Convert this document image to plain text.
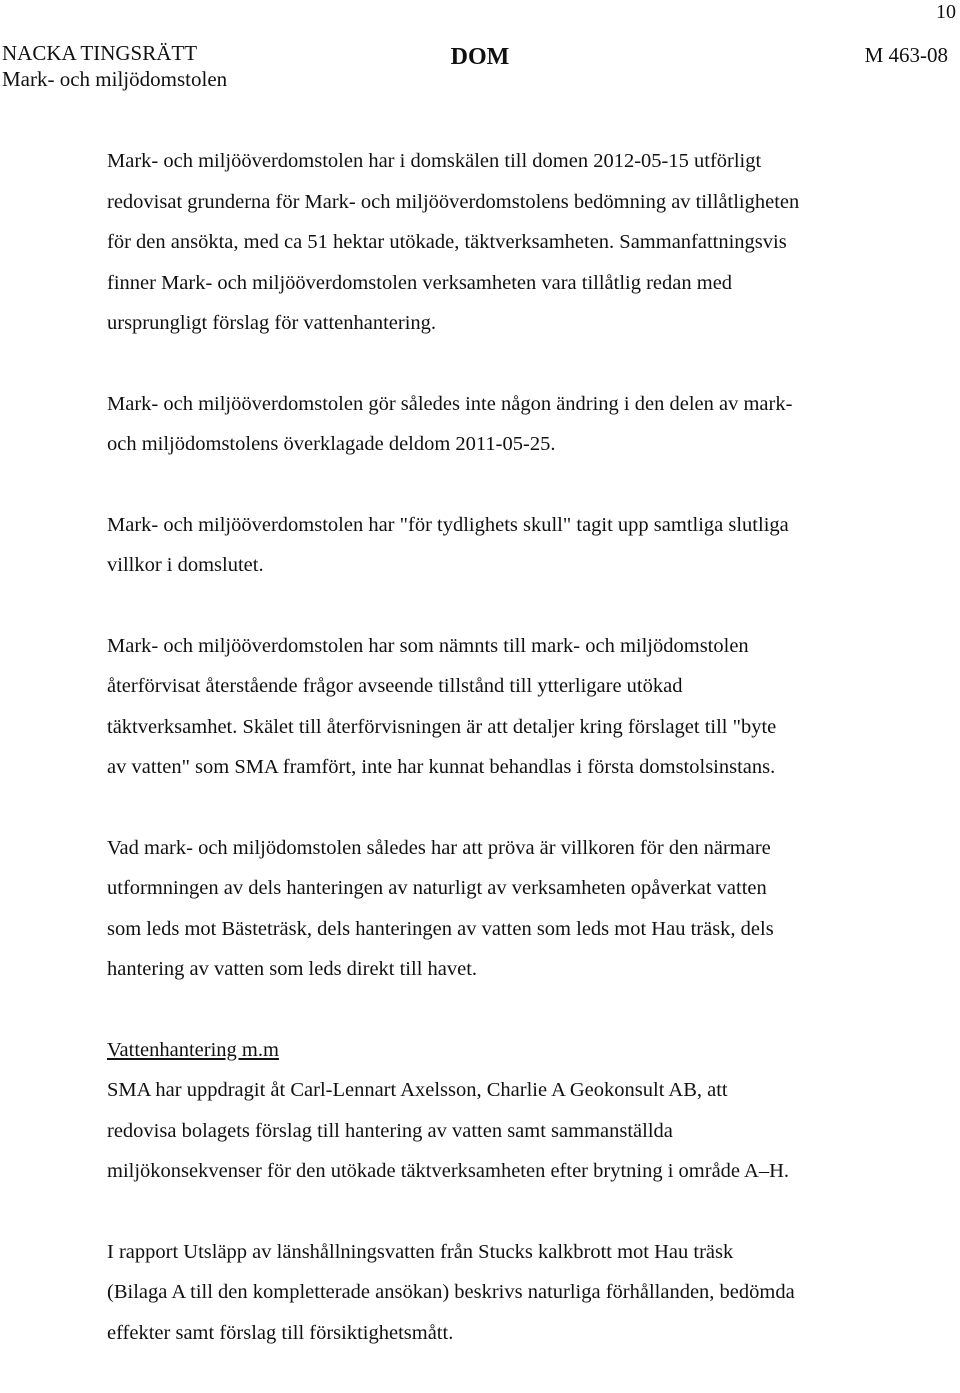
10
NACKA TINGSRÄTT
Mark- och miljödomstolen
DOM	M 463-08

Mark- och miljööverdomstolen har i domskälen till domen 2012-05-15 utförligt
redovisat grunderna för Mark- och miljööverdomstolens bedömning av tillåtligheten
för den ansökta, med ca 51 hektar utökade, täktverksamheten. Sammanfattningsvis
finner Mark- och miljööverdomstolen verksamheten vara tillåtlig redan med
ursprungligt förslag för vattenhantering.

Mark- och miljööverdomstolen gör således inte någon ändring i den delen av mark-
och miljödomstolens överklagade deldom 2011-05-25.

Mark- och miljööverdomstolen har "för tydlighets skull" tagit upp samtliga slutliga
villkor i domslutet.

Mark- och miljööverdomstolen har som nämnts till mark- och miljödomstolen
återförvisat återstående frågor avseende tillstånd till ytterligare utökad
täktverksamhet. Skälet till återförvisningen är att detaljer kring förslaget till "byte
av vatten" som SMA framfört, inte har kunnat behandlas i första domstolsinstans.

Vad mark- och miljödomstolen således har att pröva är villkoren för den närmare
utformningen av dels hanteringen av naturligt av verksamheten opåverkat vatten
som leds mot Bästeträsk, dels hanteringen av vatten som leds mot Hau träsk, dels
hantering av vatten som leds direkt till havet.

Vattenhantering m.m

SMA har uppdragit åt Carl-Lennart Axelsson, Charlie A Geokonsult AB, att
redovisa bolagets förslag till hantering av vatten samt sammanställda
miljökonsekvenser för den utökade täktverksamheten efter brytning i område A–H.

I rapport Utsläpp av länshållningsvatten från Stucks kalkbrott mot Hau träsk
(Bilaga A till den kompletterade ansökan) beskrivs naturliga förhållanden, bedömda
effekter samt förslag till försiktighetsmått.
